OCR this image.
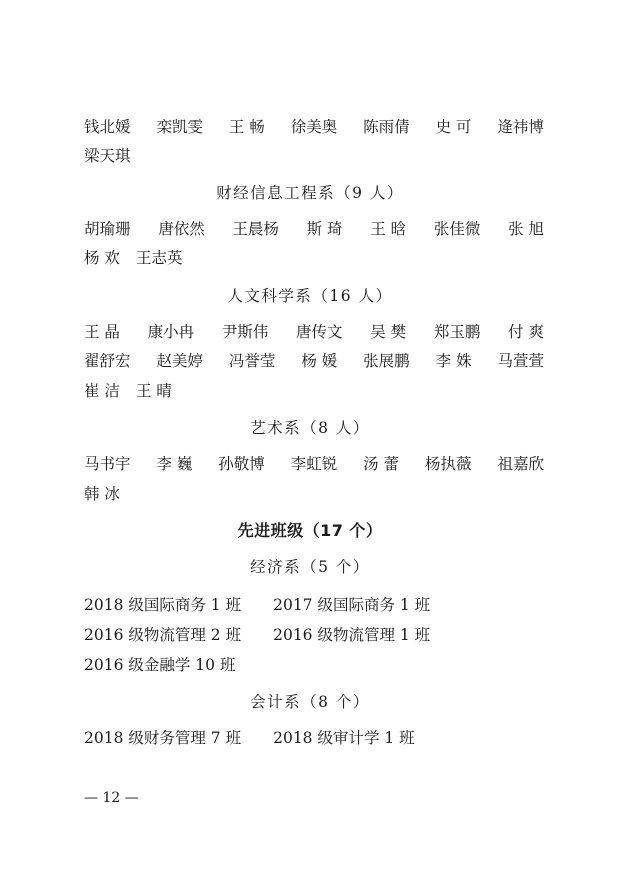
钱北媛 栾凯雯 王 畅 徐美奥 陈雨倩 史 可 逄祎博
梁天琪
财经信息工程系（9 人）
胡瑜珊 唐依然 王晨杨 斯 琦 王 晗 张佳微 张 旭
杨 欢 王志英
人文科学系（16 人）
王 晶 康小冉 尹斯伟 唐传文 吴 樊 郑玉鹏 付 爽
翟舒宏 赵美婷 冯誉莹 杨 媛 张展鹏 李 姝 马萱萱
崔 洁 王 晴
艺术系（8 人）
马书宇 李 巍 孙敬博 李虹锐 汤 蕾 杨执薇 祖嘉欣
韩 冰
先进班级（17 个）
经济系（5 个）
2018 级国际商务 1 班 2017 级国际商务 1 班
2016 级物流管理 2 班 2016 级物流管理 1 班
2016 级金融学 10 班
会计系（8 个）
2018 级财务管理 7 班 2018 级审计学 1 班
— 12 —
